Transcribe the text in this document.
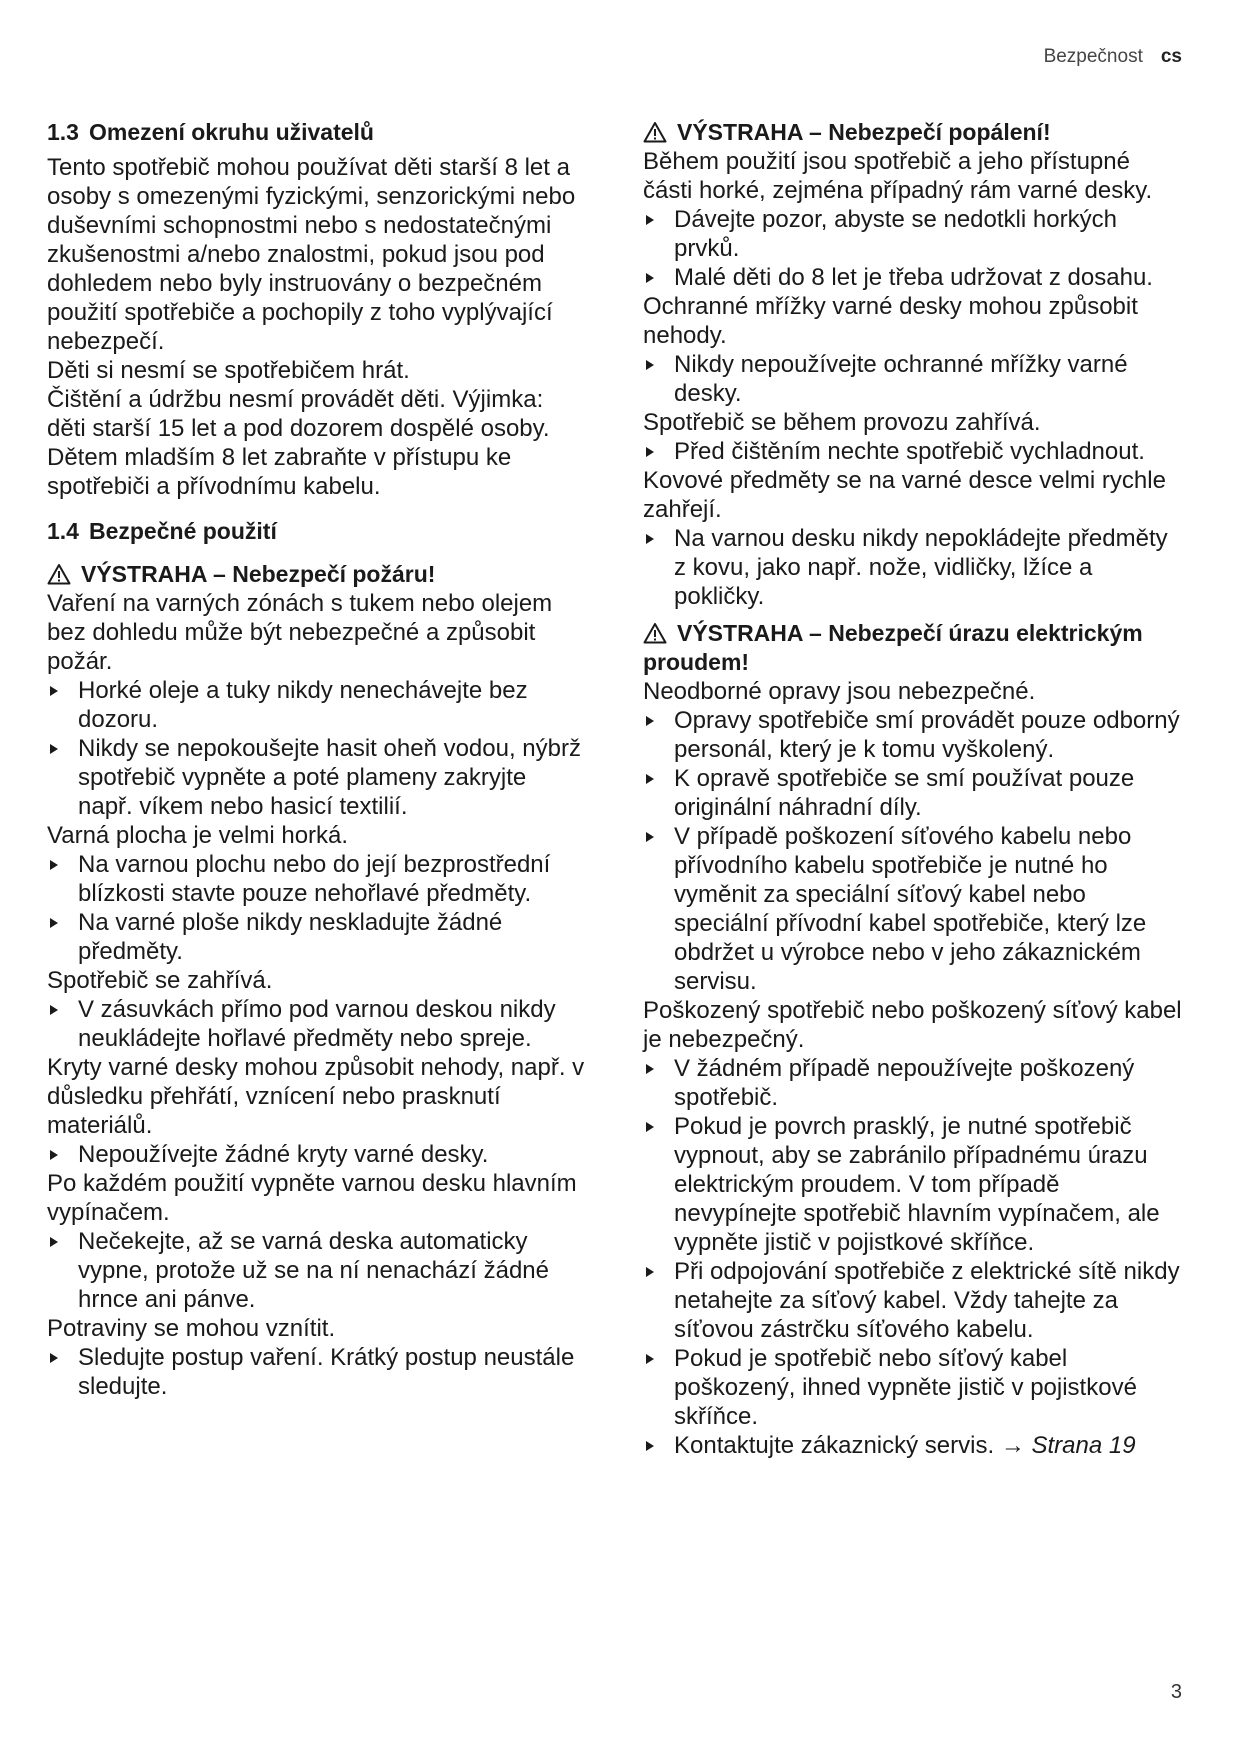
Bezpečnost cs
1.3 Omezení okruhu uživatelů

Tento spotřebič mohou používat děti starší 8 let a osoby s omezenými fyzickými, senzorickými nebo duševními schopnostmi nebo s nedostatečnými zkušenostmi a/nebo znalostmi, pokud jsou pod dohledem nebo byly instruovány o bezpečném použití spotřebiče a pochopily z toho vyplývající nebezpečí.

Děti si nesmí se spotřebičem hrát.

Čištění a údržbu nesmí provádět děti. Výjimka: děti starší 15 let a pod dozorem dospělé osoby.

Dětem mladším 8 let zabraňte v přístupu ke spotřebiči a přívodnímu kabelu.

1.4 Bezpečné použití

VÝSTRAHA – Nebezpečí požáru!

Vaření na varných zónách s tukem nebo olejem bez dohledu může být nebezpečné a způsobit požár.

Horké oleje a tuky nikdy nenechávejte bez dozoru.
Nikdy se nepokoušejte hasit oheň vodou, nýbrž spotřebič vypněte a poté plameny zakryjte např. víkem nebo hasicí textilií.

Varná plocha je velmi horká.

Na varnou plochu nebo do její bezprostřední blízkosti stavte pouze nehořlavé předměty.
Na varné ploše nikdy neskladujte žádné předměty.

Spotřebič se zahřívá.

V zásuvkách přímo pod varnou deskou nikdy neukládejte hořlavé předměty nebo spreje.

Kryty varné desky mohou způsobit nehody, např. v důsledku přehřátí, vznícení nebo prasknutí materiálů.

Nepoužívejte žádné kryty varné desky.

Po každém použití vypněte varnou desku hlavním vypínačem.

Nečekejte, až se varná deska automaticky vypne, protože už se na ní nenachází žádné hrnce ani pánve.

Potraviny se mohou vznítit.

Sledujte postup vaření. Krátký postup neustále sledujte.

VÝSTRAHA – Nebezpečí popálení!

Během použití jsou spotřebič a jeho přístupné části horké, zejména případný rám varné desky.

Dávejte pozor, abyste se nedotkli horkých prvků.
Malé děti do 8 let je třeba udržovat z dosahu.

Ochranné mřížky varné desky mohou způsobit nehody.

Nikdy nepoužívejte ochranné mřížky varné desky.

Spotřebič se během provozu zahřívá.

Před čištěním nechte spotřebič vychladnout.

Kovové předměty se na varné desce velmi rychle zahřejí.

Na varnou desku nikdy nepokládejte předměty z kovu, jako např. nože, vidličky, lžíce a pokličky.

VÝSTRAHA – Nebezpečí úrazu elektrickým proudem!

Neodborné opravy jsou nebezpečné.

Opravy spotřebiče smí provádět pouze odborný personál, který je k tomu vyškolený.
K opravě spotřebiče se smí používat pouze originální náhradní díly.
V případě poškození síťového kabelu nebo přívodního kabelu spotřebiče je nutné ho vyměnit za speciální síťový kabel nebo speciální přívodní kabel spotřebiče, který lze obdržet u výrobce nebo v jeho zákaznickém servisu.

Poškozený spotřebič nebo poškozený síťový kabel je nebezpečný.

V žádném případě nepoužívejte poškozený spotřebič.
Pokud je povrch prasklý, je nutné spotřebič vypnout, aby se zabránilo případnému úrazu elektrickým proudem. V tom případě nevypínejte spotřebič hlavním vypínačem, ale vypněte jistič v pojistkové skříňce.
Při odpojování spotřebiče z elektrické sítě nikdy netahejte za síťový kabel. Vždy tahejte za síťovou zástrčku síťového kabelu.
Pokud je spotřebič nebo síťový kabel poškozený, ihned vypněte jistič v pojistkové skříňce.
Kontaktujte zákaznický servis. → Strana 19
3
